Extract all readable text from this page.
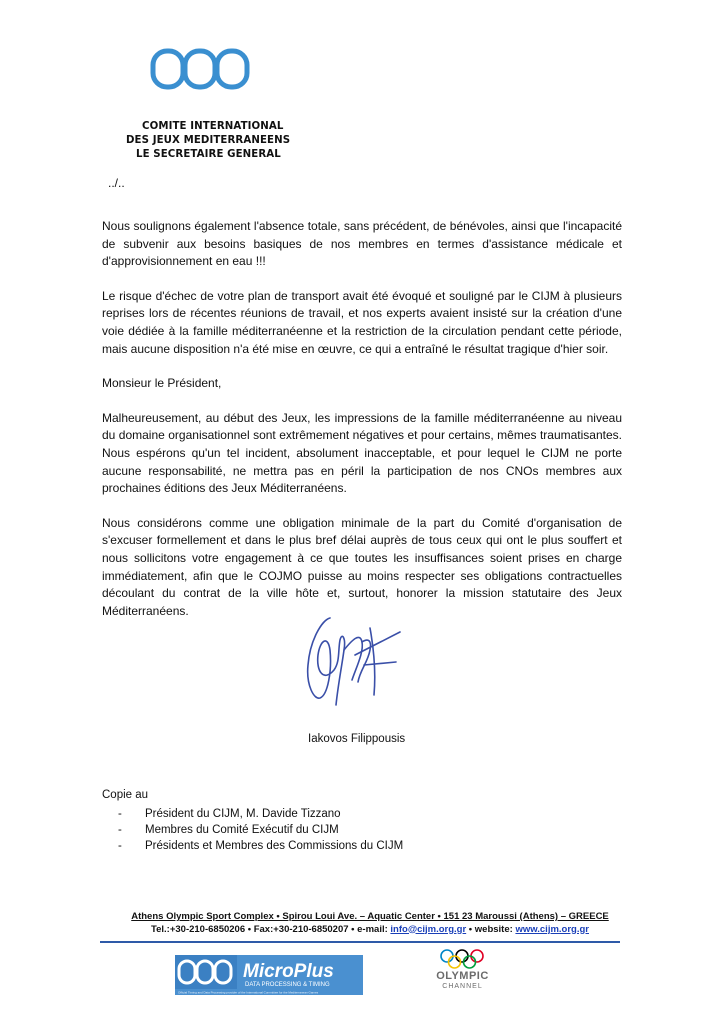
COMITE INTERNATIONAL
DES JEUX MEDITERRANEENS
LE SECRETAIRE GENERAL
../..

Nous soulignons également l'absence totale, sans précédent, de bénévoles, ainsi que l'incapacité de subvenir aux besoins basiques de nos membres en termes d'assistance médicale et d'approvisionnement en eau !!!

Le risque d'échec de votre plan de transport avait été évoqué et souligné par le CIJM à plusieurs reprises lors de récentes réunions de travail, et nos experts avaient insisté sur la création d'une voie dédiée à la famille méditerranéenne et la restriction de la circulation pendant cette période, mais aucune disposition n'a été mise en œuvre, ce qui a entraîné le résultat tragique d'hier soir.

Monsieur le Président,

Malheureusement, au début des Jeux, les impressions de la famille méditerranéenne au niveau du domaine organisationnel sont extrêmement négatives et pour certains, mêmes traumatisantes. Nous espérons qu'un tel incident, absolument inacceptable, et pour lequel le CIJM ne porte aucune responsabilité, ne mettra pas en péril la participation de nos CNOs membres aux prochaines éditions des Jeux Méditerranéens.

Nous considérons comme une obligation minimale de la part du Comité d'organisation de s'excuser formellement et dans le plus bref délai auprès de tous ceux qui ont le plus souffert et nous sollicitons votre engagement à ce que toutes les insuffisances soient prises en charge immédiatement, afin que le COJMO puisse au moins respecter ses obligations contractuelles découlant du contrat de la ville hôte et, surtout, honorer la mission statutaire des Jeux Méditerranéens.

Iakovos Filippousis
Copie au
- Président du CIJM, M. Davide Tizzano
- Membres du Comité Exécutif du CIJM
- Présidents et Membres des Commissions du CIJM
Athens Olympic Sport Complex • Spirou Loui Ave. – Aquatic Center • 151 23 Maroussi (Athens) – GREECE
Tel.:+30-210-6850206 • Fax:+30-210-6850207 • e-mail: info@cijm.org.gr • website: www.cijm.org.gr
MicroPlus
DATA PROCESSING & TIMING
Official Timing and Data Processing provider of the International Committee for the Mediterranean Games
OLYMPIC
CHANNEL
